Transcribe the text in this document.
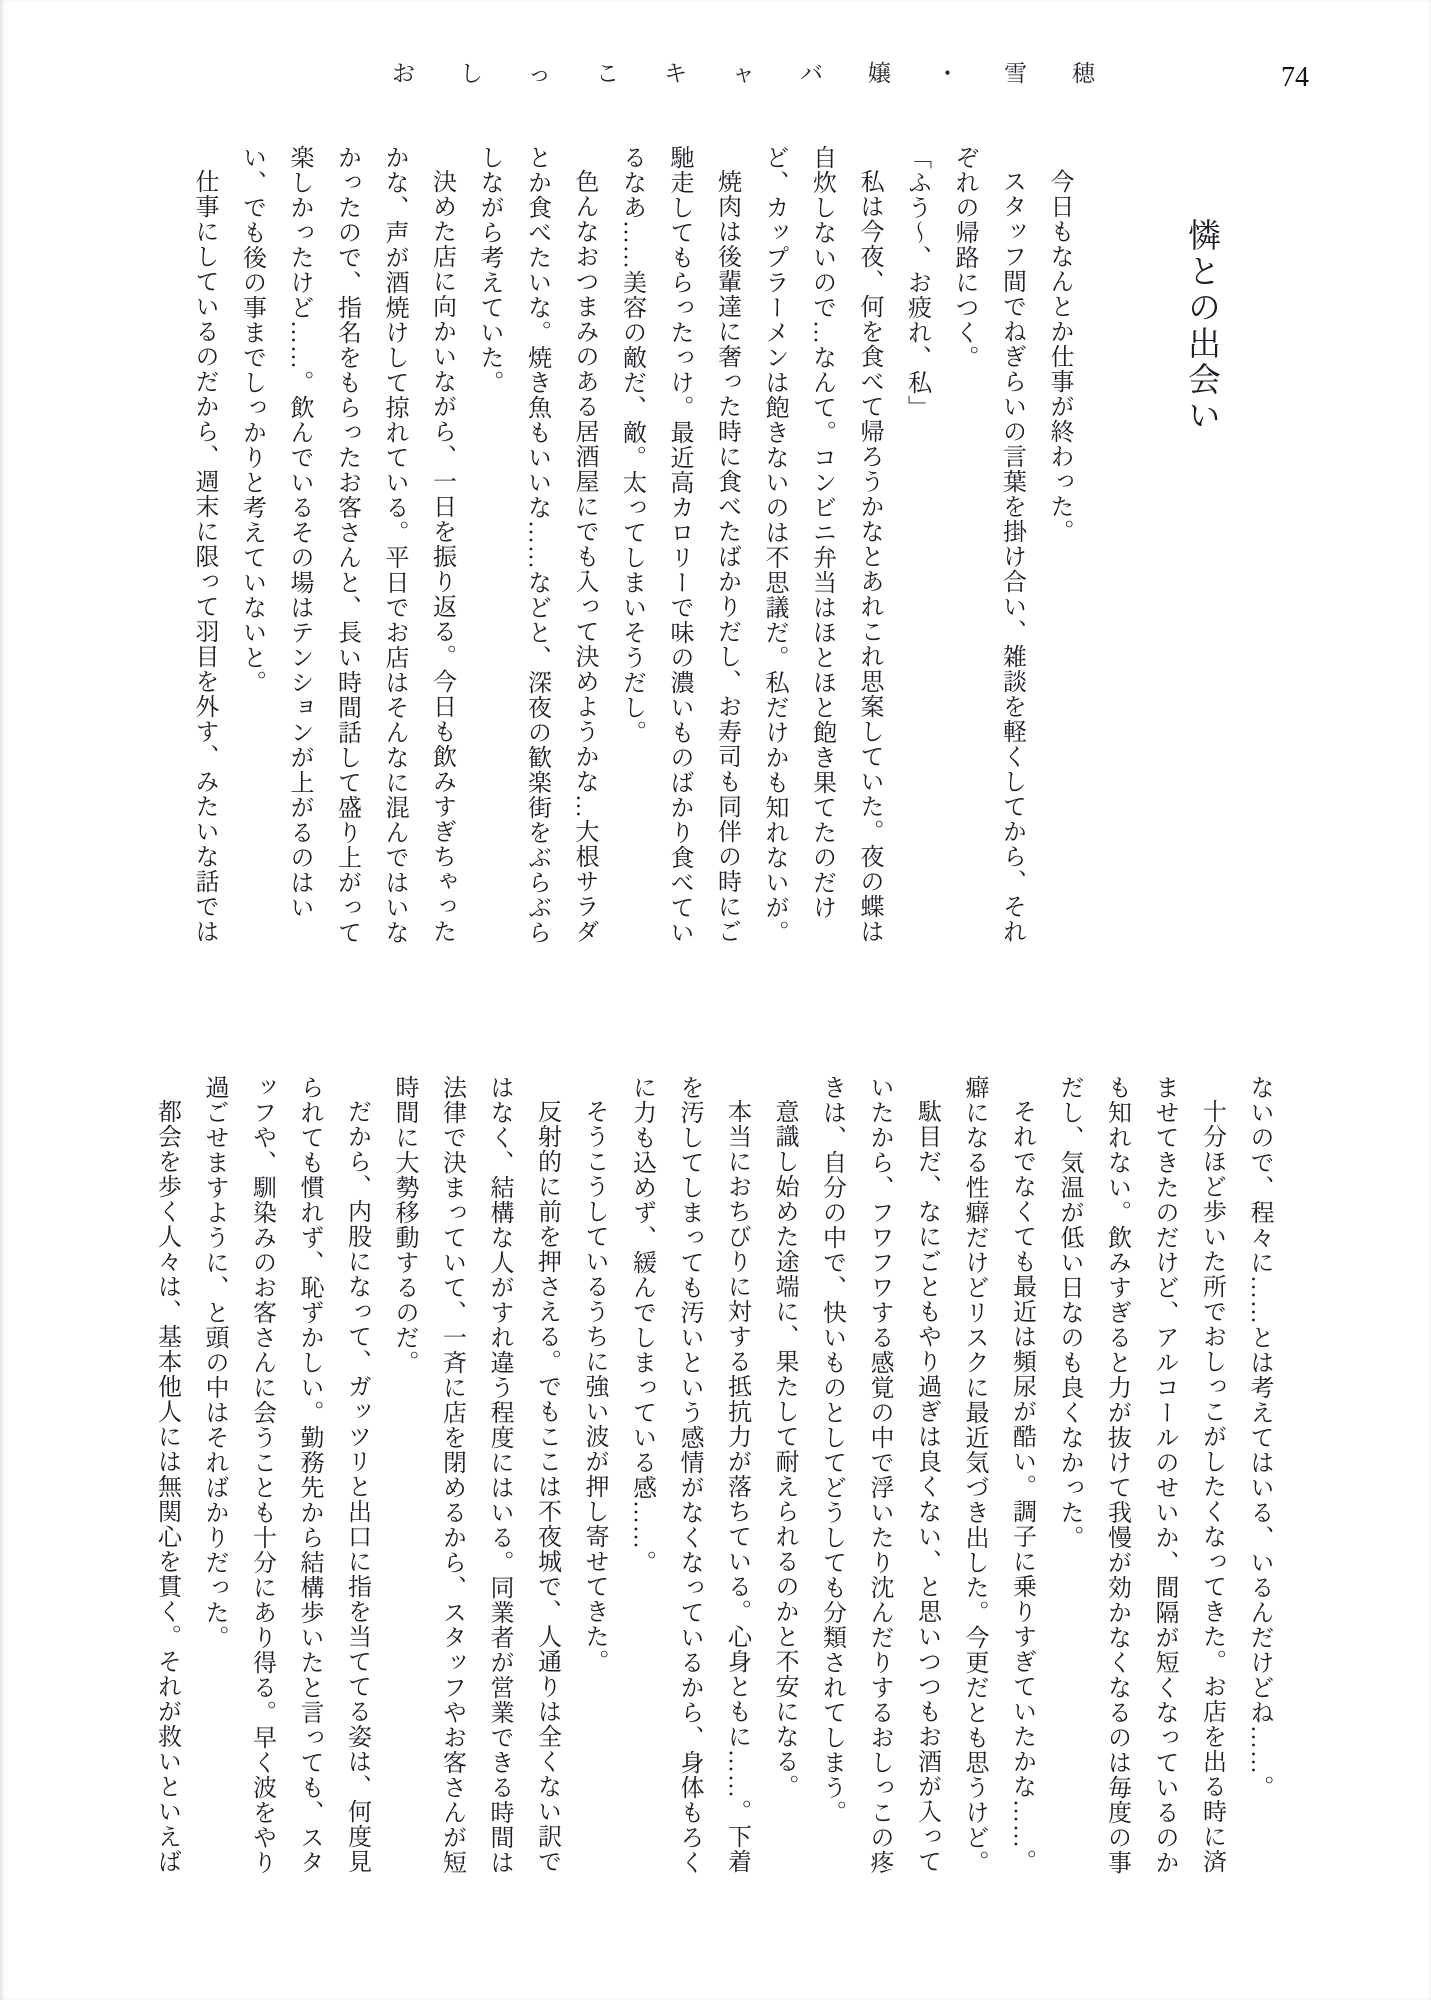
おしっこキャバ嬢・雪穂	74
憐との出会い

今日もなんとか仕事が終わった。

スタッフ間でねぎらいの言葉を掛け合い、雑談を軽くしてから、それぞれの帰路につく。

「ふう～、お疲れ、私」

私は今夜、何を食べて帰ろうかなとあれこれ思案していた。夜の蝶は自炊しないので…なんて。コンビニ弁当はほとほと飽き果てたのだけど、カップラーメンは飽きないのは不思議だ。私だけかも知れないが。

焼肉は後輩達に奢った時に食べたばかりだし、お寿司も同伴の時にご馳走してもらったっけ。最近高カロリーで味の濃いものばかり食べているなあ……美容の敵だ、敵。太ってしまいそうだし。

色んなおつまみのある居酒屋にでも入って決めようかな…大根サラダとか食べたいな。焼き魚もいいな……などと、深夜の歓楽街をぶらぶらしながら考えていた。

決めた店に向かいながら、一日を振り返る。今日も飲みすぎちゃったかな、声が酒焼けして掠れている。平日でお店はそんなに混んではいなかったので、指名をもらったお客さんと、長い時間話して盛り上がって楽しかったけど……。飲んでいるその場はテンションが上がるのはいい、でも後の事までしっかりと考えていないと。

仕事にしているのだから、週末に限って羽目を外す、みたいな話では

ないので、程々に……とは考えてはいる、いるんだけどね……。

十分ほど歩いた所でおしっこがしたくなってきた。お店を出る時に済ませてきたのだけど、アルコールのせいか、間隔が短くなっているのかも知れない。飲みすぎると力が抜けて我慢が効かなくなるのは毎度の事だし、気温が低い日なのも良くなかった。

それでなくても最近は頻尿が酷い。調子に乗りすぎていたかな……。癖になる性癖だけどリスクに最近気づき出した。今更だとも思うけど。

駄目だ、なにごともやり過ぎは良くない、と思いつつもお酒が入っていたから、フワフワする感覚の中で浮いたり沈んだりするおしっこの疼きは、自分の中で、快いものとしてどうしても分類されてしまう。

意識し始めた途端に、果たして耐えられるのかと不安になる。

本当におちびりに対する抵抗力が落ちている。心身ともに……。下着を汚してしまっても汚いという感情がなくなっているから、身体もろくに力も込めず、緩んでしまっている感……。

そうこうしているうちに強い波が押し寄せてきた。

反射的に前を押さえる。でもここは不夜城で、人通りは全くない訳ではなく、結構な人がすれ違う程度にはいる。同業者が営業できる時間は法律で決まっていて、一斉に店を閉めるから、スタッフやお客さんが短時間に大勢移動するのだ。

だから、内股になって、ガッツリと出口に指を当ててる姿は、何度見られても慣れず、恥ずかしい。勤務先から結構歩いたと言っても、スタッフや、馴染みのお客さんに会うことも十分にあり得る。早く波をやり過ごせますように、と頭の中はそればかりだった。

都会を歩く人々は、基本他人には無関心を貫く。それが救いといえば
